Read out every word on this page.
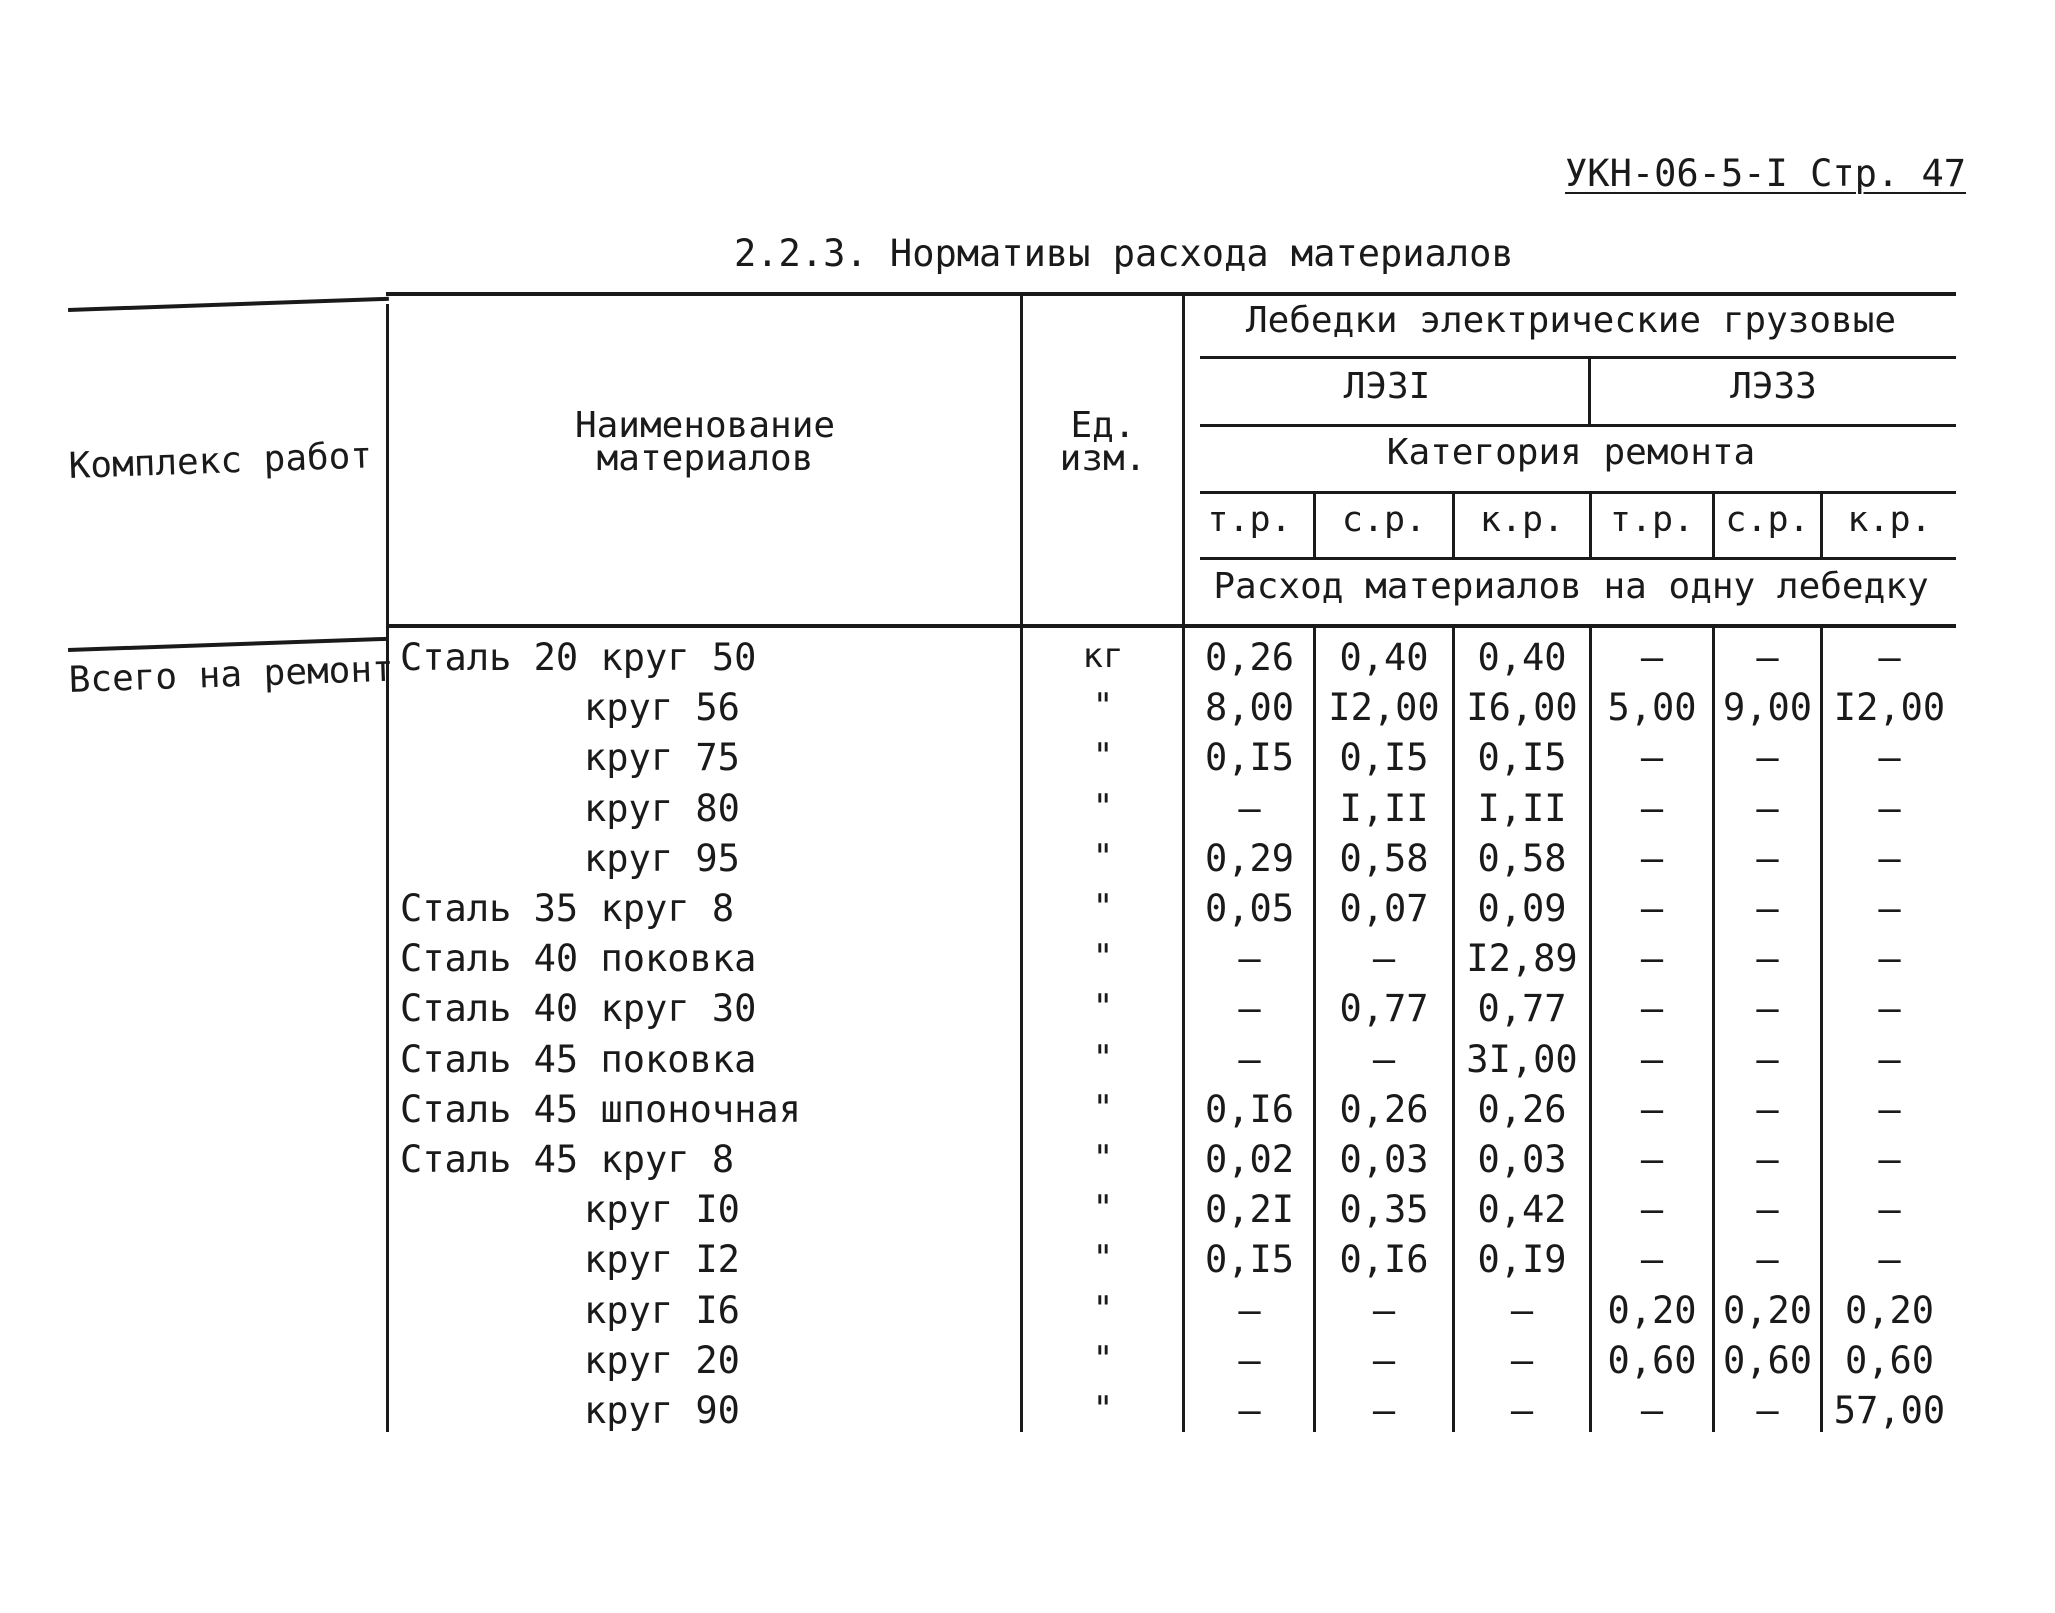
УКН-06-5-I Стр. 47
2.2.3. Нормативы расхода материалов
Комплекс работ
Наименование
материалов
Ед.
изм.
Лебедки электрические грузовые
ЛЭ3I	ЛЭ33
Категория ремонта
т.р.	с.р.	к.р.	т.р. с.р.	к.р.
Расход материалов на одну лебедку
Всего на ремонт Сталь 20 круг 50	кг	0,26	0,40	0,40	–	–	–
круг 56	"	8,00 I2,00 I6,00 5,00 9,00 I2,00
круг 75	"	0,I5	0,I5	0,I5	–	–	–
круг 80	"	–	I,II	I,II	–	–	–
круг 95	"	0,29	0,58	0,58	–	–	–
Сталь 35 круг 8	"	0,05	0,07	0,09	–	–	–
Сталь 40 поковка	"	–	–	I2,89	–	–	–
Сталь 40 круг 30	"	–	0,77	0,77	–	–	–
Сталь 45 поковка	"	–	–	3I,00	–	–	–
Сталь 45 шпоночная	"	0,I6	0,26	0,26	–	–	–
Сталь 45 круг 8	"	0,02	0,03	0,03	–	–	–
круг I0	"	0,2I	0,35	0,42	–	–	–
круг I2	"	0,I5	0,I6	0,I9	–	–	–
круг I6	"	–	–	–	0,20 0,20 0,20
круг 20	"	–	–	–	0,60 0,60 0,60
круг 90	"	–	–	–	–	–	57,00
